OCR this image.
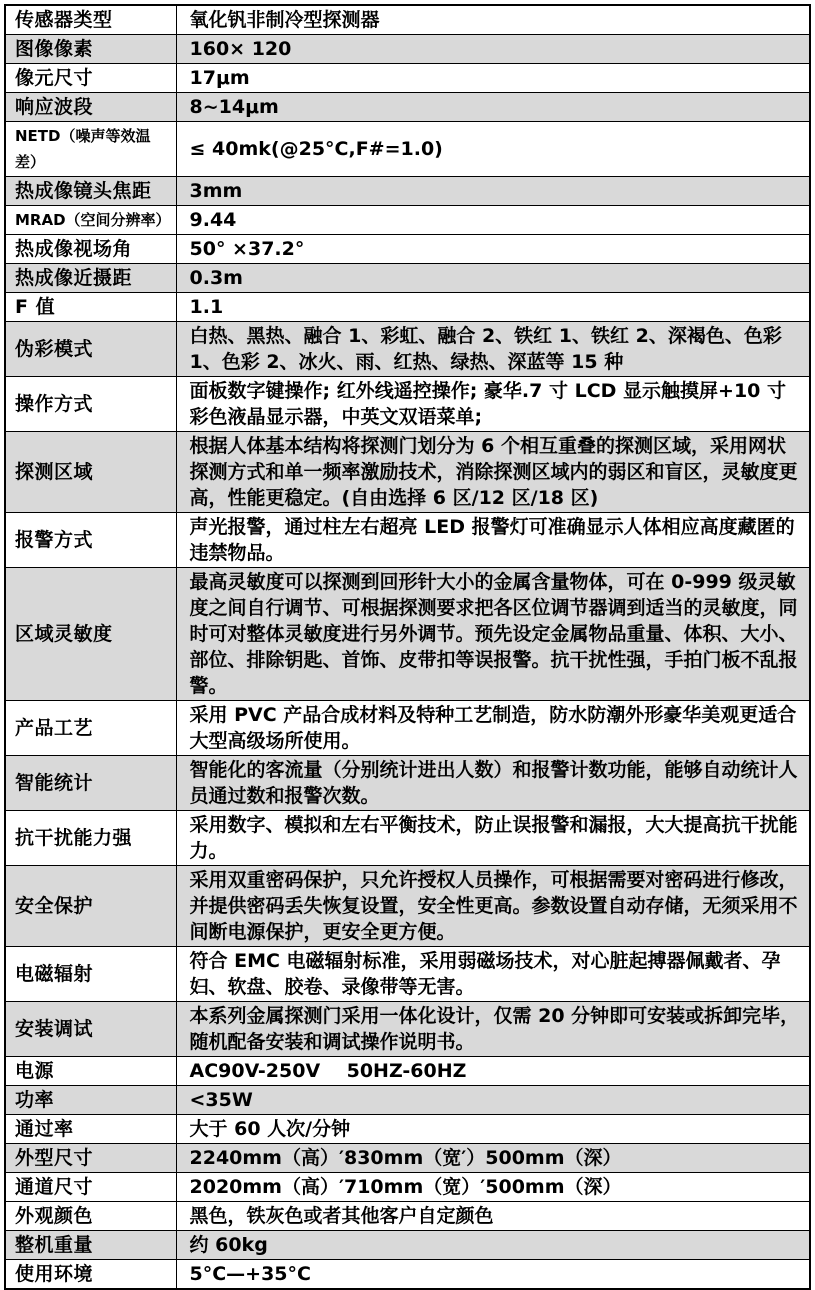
传感器类型	氧化钒非制冷型探测器
图像像素	160× 120
像元尺寸	17μm
响应波段	8~14μm
NETD（噪声等效温差）	≤ 40mk(@25°C,F#=1.0)
热成像镜头焦距	3mm
MRAD（空间分辨率）	9.44
热成像视场角	50° ×37.2°
热成像近摄距	0.3m
F 值	1.1
伪彩模式	白热、黑热、融合 1、彩虹、融合 2、铁红 1、铁红 2、深褐色、色彩 1、色彩 2、冰火、雨、红热、绿热、深蓝等 15 种
操作方式	面板数字键操作; 红外线遥控操作; 豪华.7 寸 LCD 显示触摸屏+10 寸彩色液晶显示器，中英文双语菜单;
探测区域	根据人体基本结构将探测门划分为 6 个相互重叠的探测区域，采用网状探测方式和单一频率激励技术，消除探测区域内的弱区和盲区，灵敏度更高，性能更稳定。(自由选择 6 区/12 区/18 区)
报警方式	声光报警，通过柱左右超亮 LED 报警灯可准确显示人体相应高度藏匿的违禁物品。
区域灵敏度	最高灵敏度可以探测到回形针大小的金属含量物体，可在 0-999 级灵敏度之间自行调节、可根据探测要求把各区位调节器调到适当的灵敏度，同时可对整体灵敏度进行另外调节。预先设定金属物品重量、体积、大小、部位、排除钥匙、首饰、皮带扣等误报警。抗干扰性强，手拍门板不乱报警。
产品工艺	采用 PVC 产品合成材料及特种工艺制造，防水防潮外形豪华美观更适合大型高级场所使用。
智能统计	智能化的客流量（分别统计进出人数）和报警计数功能，能够自动统计人员通过数和报警次数。
抗干扰能力强	采用数字、模拟和左右平衡技术，防止误报警和漏报，大大提高抗干扰能力。
安全保护	采用双重密码保护，只允许授权人员操作，可根据需要对密码进行修改，并提供密码丢失恢复设置，安全性更高。参数设置自动存储，无须采用不间断电源保护，更安全更方便。
电磁辐射	符合 EMC 电磁辐射标准，采用弱磁场技术，对心脏起搏器佩戴者、孕妇、软盘、胶卷、录像带等无害。
安装调试	本系列金属探测门采用一体化设计，仅需 20 分钟即可安装或拆卸完毕，随机配备安装和调试操作说明书。
电源	AC90V-250V    50HZ-60HZ
功率	<35W
通过率	大于 60 人次/分钟
外型尺寸	2240mm（高）′830mm（宽′）500mm（深）
通道尺寸	2020mm（高）′710mm（宽）′500mm（深）
外观颜色	黑色，铁灰色或者其他客户自定颜色
整机重量	约 60kg
使用环境	5°C—+35°C
